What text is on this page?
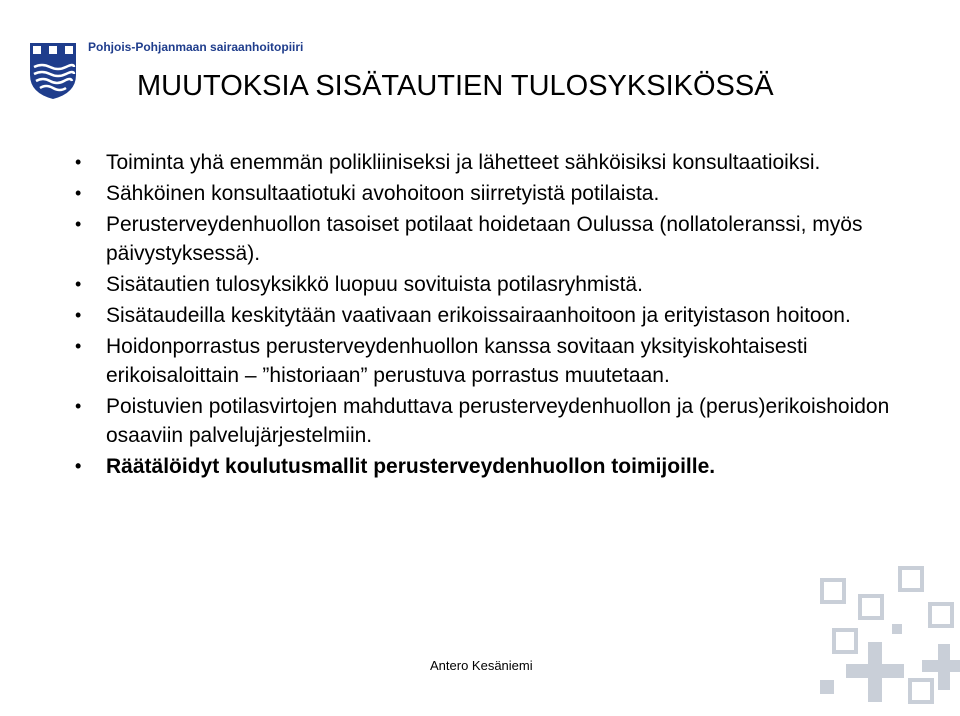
Pohjois-Pohjanmaan sairaanhoitopiiri
MUUTOKSIA SISÄTAUTIEN TULOSYKSIKÖSSÄ
• Toiminta yhä enemmän polikliiniseksi ja lähetteet sähköisiksi konsultaatioiksi.
• Sähköinen konsultaatiotuki avohoitoon siirretyistä potilaista.
• Perusterveydenhuollon tasoiset potilaat hoidetaan Oulussa (nollatoleranssi, myös päivystyksessä).
• Sisätautien tulosyksikkö luopuu sovituista potilasryhmistä.
• Sisätaudeilla keskitytään vaativaan erikoissairaanhoitoon ja erityistason hoitoon.
• Hoidonporrastus perusterveydenhuollon kanssa sovitaan yksityiskohtaisesti erikoisaloittain – ”historiaan” perustuva porrastus muutetaan.
• Poistuvien potilasvirtojen mahduttava perusterveydenhuollon ja (perus)erikoishoidon osaaviin palvelujärjestelmiin.
• Räätälöidyt koulutusmallit perusterveydenhuollon toimijoille.
Antero Kesäniemi
